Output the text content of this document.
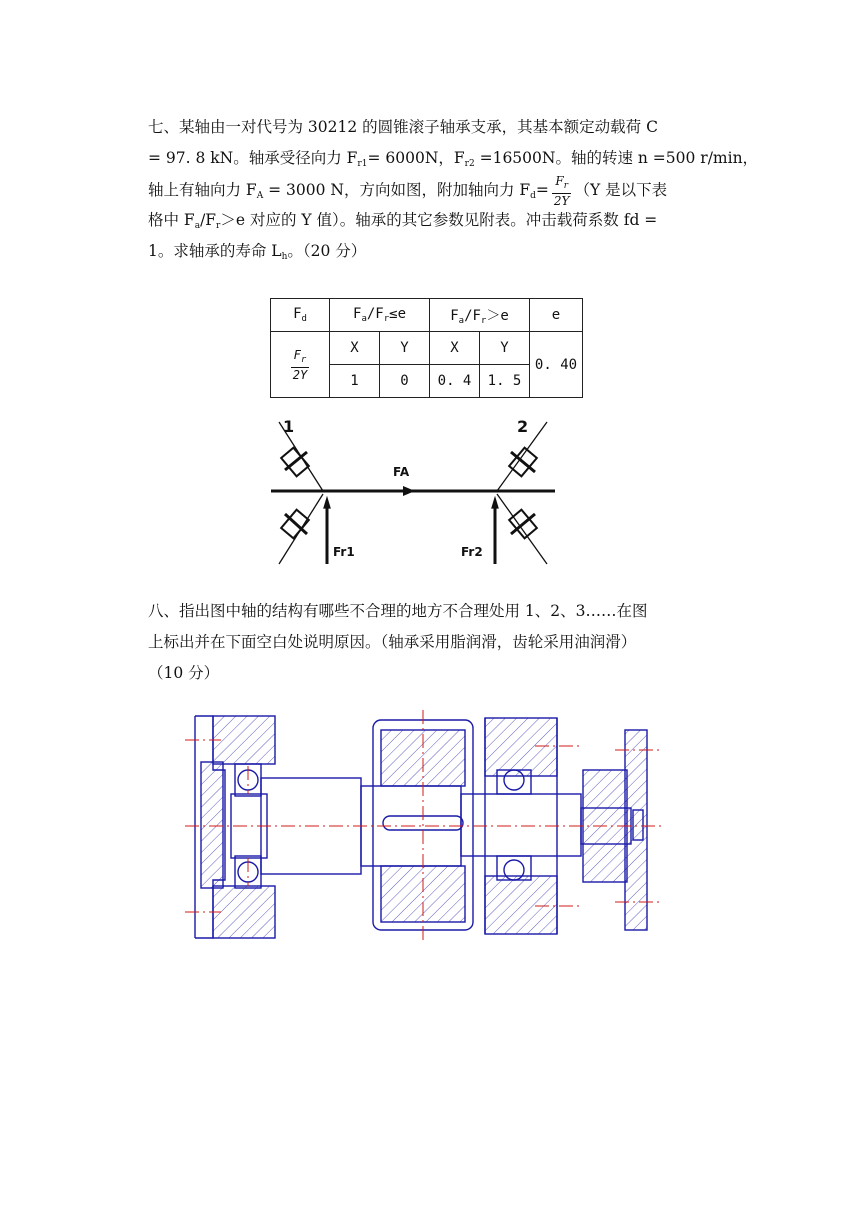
七、某轴由一对代号为 30212 的圆锥滚子轴承支承，其基本额定动载荷 C
= 97. 8 kN。轴承受径向力 $F_{r1}= 6000N$，$F_{r2} =16500N$。轴的转速 n =500 r/min，
轴上有轴向力 $F_A = 3000$ N，方向如图，附加轴向力 $F_d= \frac{F_r}{2Y} (Y$ 是以下表
格中 $F_a/F_r>e$ 对应的 Y 值）。轴承的其它参数见附表。冲击载荷系数 fd =
1。求轴承的寿命 $L_h$。（20 分）
$F_d$	$F_a/F_r\le e$		$F_a/F_r>e$		e

$\frac{F_r}{2Y}$	X	Y	X	Y	0. 40
	1	0	0. 4	1. 5	
1	2
FA
Fr1	Fr2
八、指出图中轴的结构有哪些不合理的地方不合理处用 1、2、3……在图
上标出并在下面空白处说明原因。（轴承采用脂润滑，齿轮采用油润滑）
（10 分）
